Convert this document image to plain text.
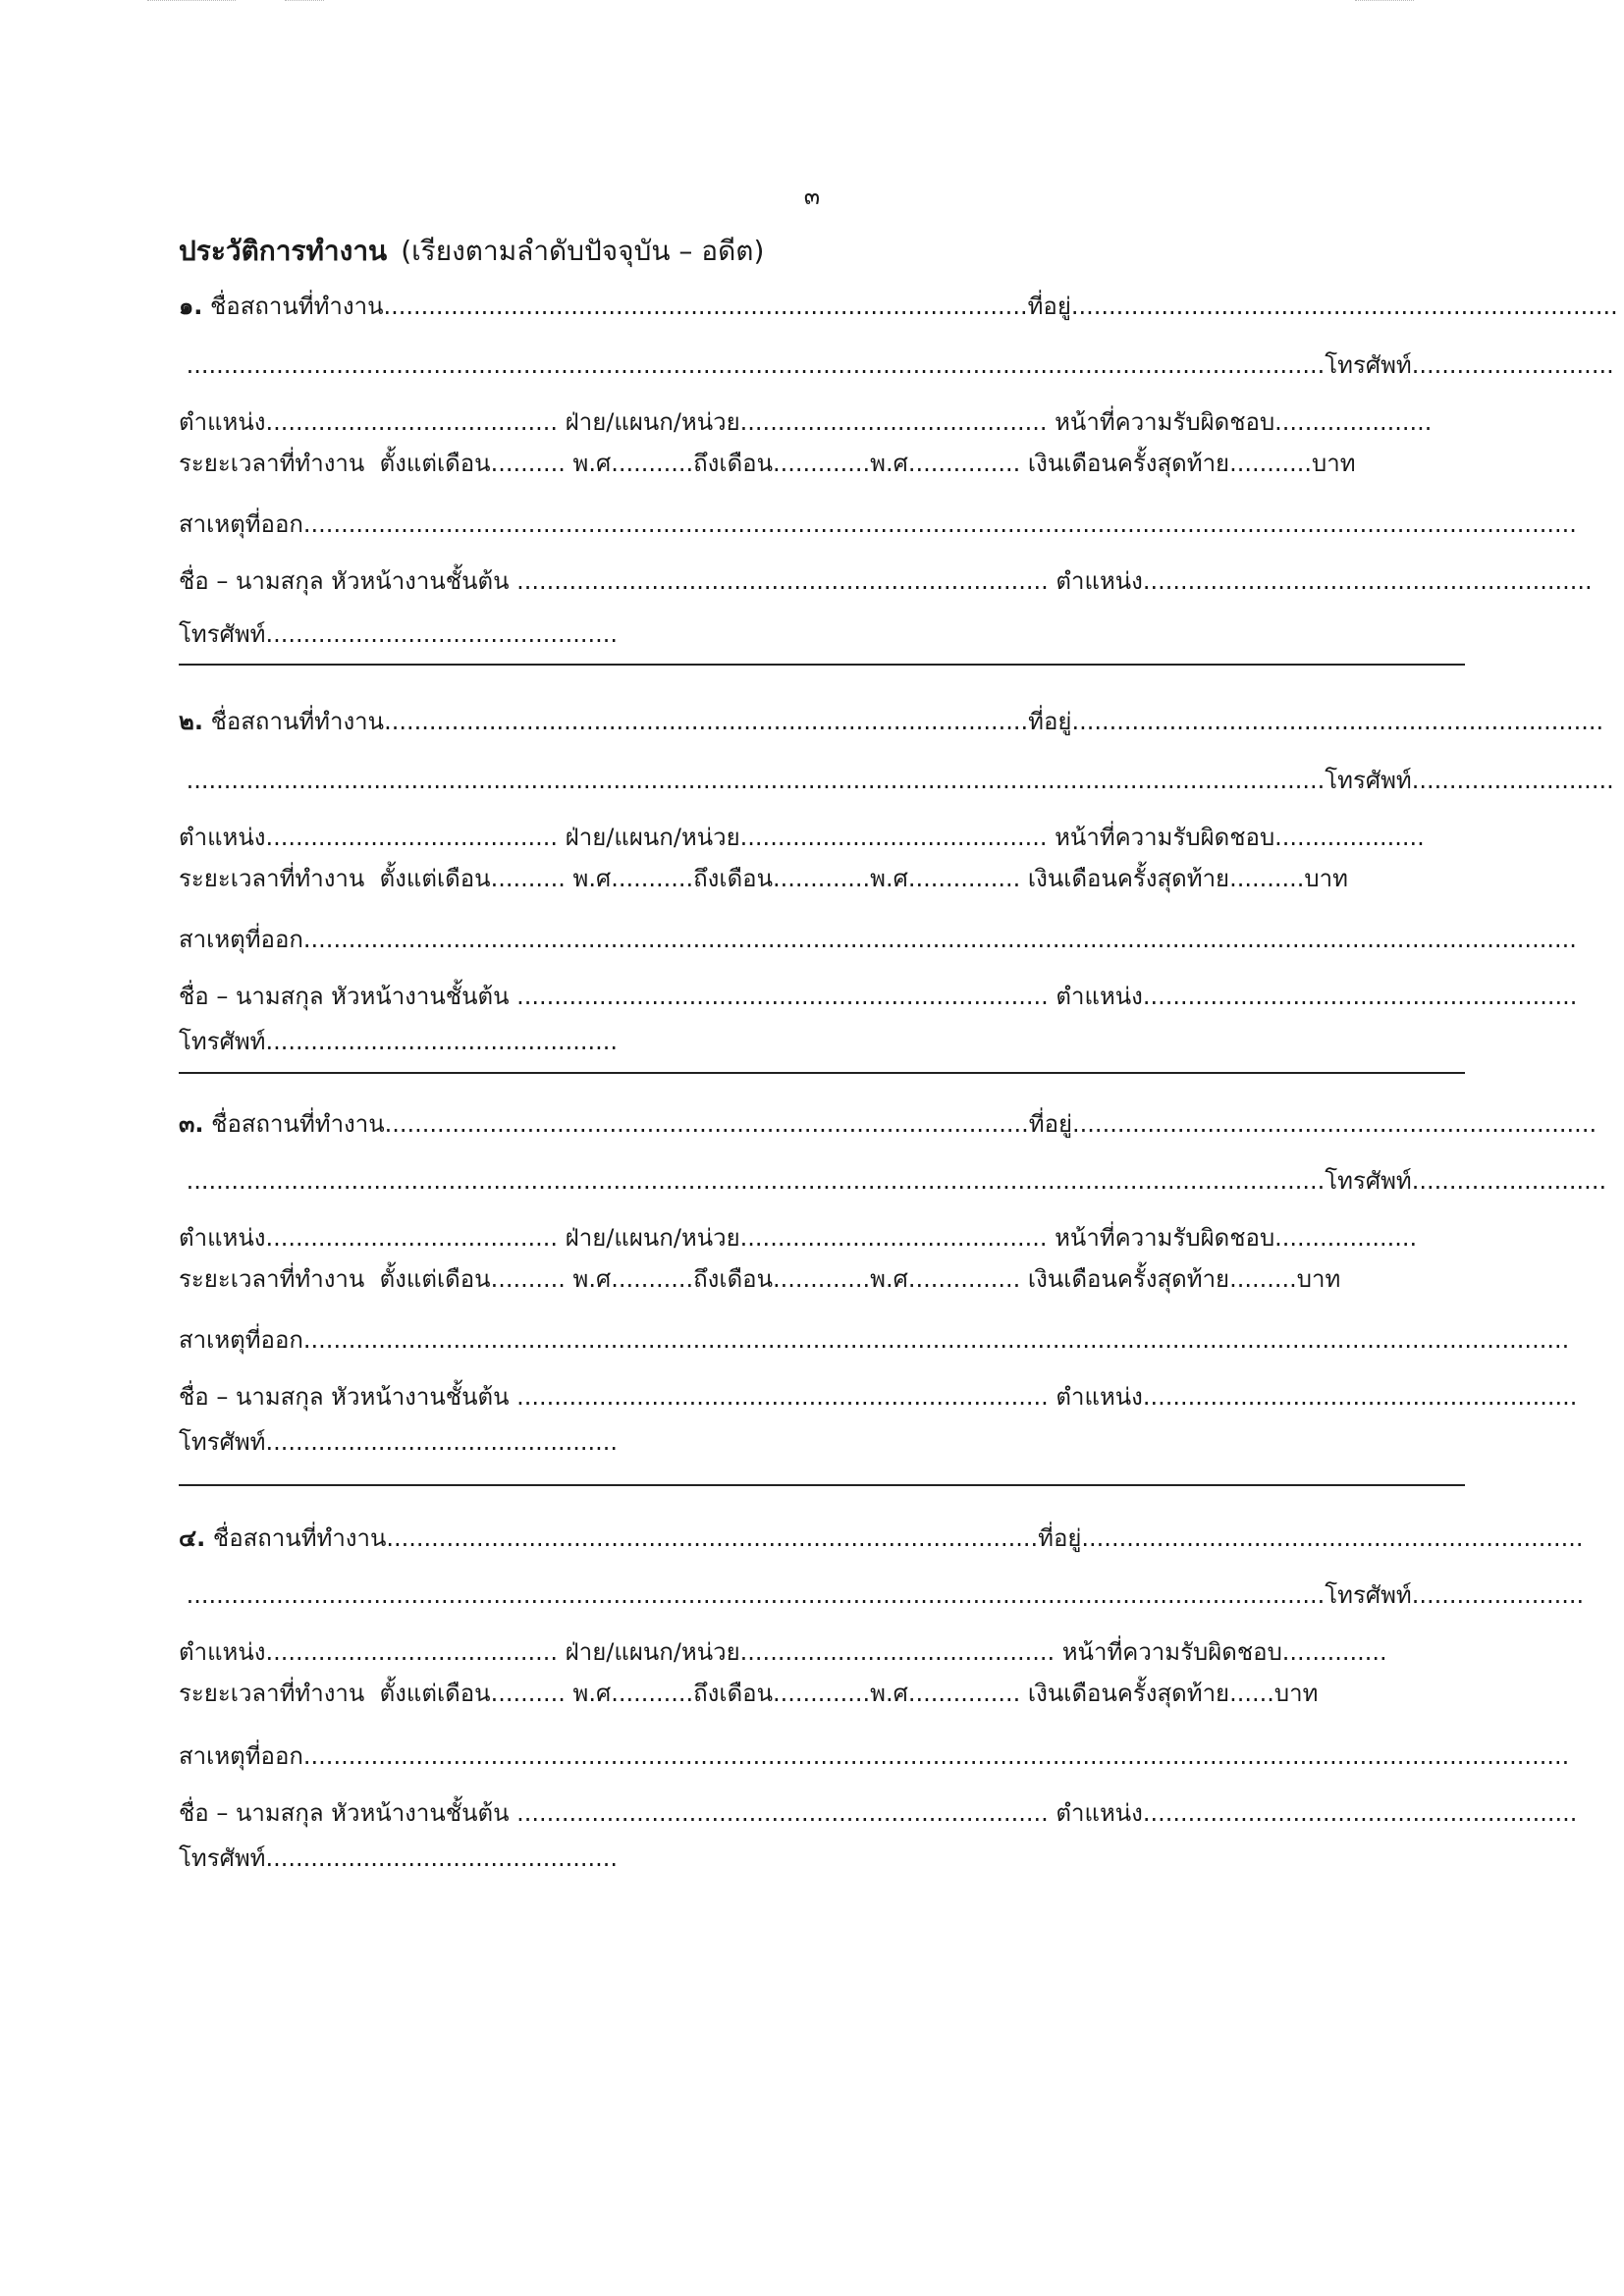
๓
ประวัติการทำงาน (เรียงตามลำดับปัจจุบัน – อดีต)
๑. ชื่อสถานที่ทำงาน......................................................................................ที่อยู่.........................................................................
........................................................................................................................................................โทรศัพท์...........................
ตำแหน่ง....................................... ฝ่าย/แผนก/หน่วย......................................... หน้าที่ความรับผิดชอบ.....................
ระยะเวลาที่ทำงาน ตั้งแต่เดือน.......... พ.ศ...........ถึงเดือน.............พ.ศ............... เงินเดือนครั้งสุดท้าย...........บาท
สาเหตุที่ออก..........................................................................................................................................................................
ชื่อ – นามสกุล หัวหน้างานชั้นต้น ....................................................................... ตำแหน่ง............................................................
โทรศัพท์...............................................
๒. ชื่อสถานที่ทำงาน......................................................................................ที่อยู่.......................................................................
........................................................................................................................................................โทรศัพท์...........................
ตำแหน่ง....................................... ฝ่าย/แผนก/หน่วย......................................... หน้าที่ความรับผิดชอบ....................
ระยะเวลาที่ทำงาน ตั้งแต่เดือน.......... พ.ศ...........ถึงเดือน.............พ.ศ............... เงินเดือนครั้งสุดท้าย..........บาท
สาเหตุที่ออก..........................................................................................................................................................................
ชื่อ – นามสกุล หัวหน้างานชั้นต้น ....................................................................... ตำแหน่ง..........................................................
โทรศัพท์...............................................
๓. ชื่อสถานที่ทำงาน......................................................................................ที่อยู่......................................................................
........................................................................................................................................................โทรศัพท์..........................
ตำแหน่ง....................................... ฝ่าย/แผนก/หน่วย......................................... หน้าที่ความรับผิดชอบ...................
ระยะเวลาที่ทำงาน ตั้งแต่เดือน.......... พ.ศ...........ถึงเดือน.............พ.ศ............... เงินเดือนครั้งสุดท้าย.........บาท
สาเหตุที่ออก.........................................................................................................................................................................
ชื่อ – นามสกุล หัวหน้างานชั้นต้น ....................................................................... ตำแหน่ง..........................................................
โทรศัพท์...............................................
๔. ชื่อสถานที่ทำงาน.......................................................................................ที่อยู่...................................................................
........................................................................................................................................................โทรศัพท์.......................
ตำแหน่ง....................................... ฝ่าย/แผนก/หน่วย.......................................... หน้าที่ความรับผิดชอบ..............
ระยะเวลาที่ทำงาน ตั้งแต่เดือน.......... พ.ศ...........ถึงเดือน.............พ.ศ............... เงินเดือนครั้งสุดท้าย......บาท
สาเหตุที่ออก.........................................................................................................................................................................
ชื่อ – นามสกุล หัวหน้างานชั้นต้น ....................................................................... ตำแหน่ง..........................................................
โทรศัพท์...............................................
